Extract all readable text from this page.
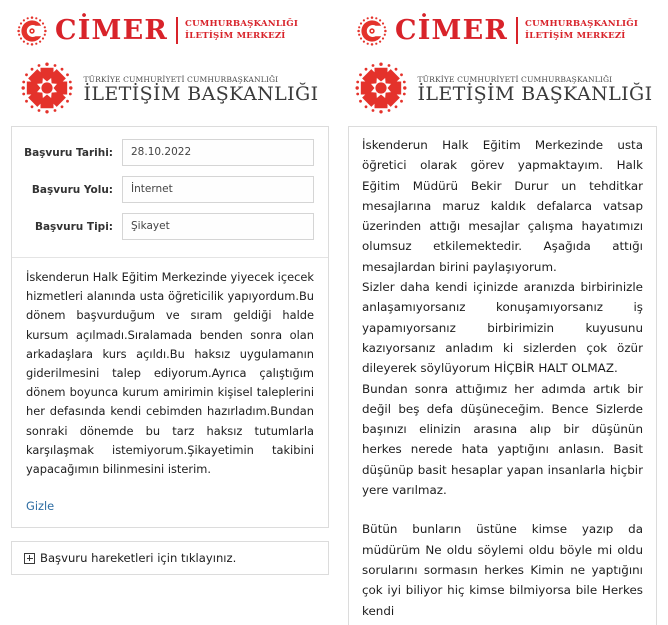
CİMER CUMHURBAŞKANLIĞI
İLETİŞİM MERKEZİ
TÜRKİYE CUMHURİYETİ CUMHURBAŞKANLIĞI
İLETİŞİM BAŞKANLIĞI
Başvuru Tarihi:	28.10.2022
Başvuru Yolu:	İnternet
Başvuru Tipi:	Şikayet
İskenderun Halk Eğitim Merkezinde yiyecek içecek hizmetleri alanında usta öğreticilik yapıyordum.Bu dönem başvurduğum ve sıram geldiği halde kursum açılmadı.Sıralamada benden sonra olan arkadaşlara kurs açıldı.Bu haksız uygulamanın giderilmesini talep ediyorum.Ayrıca çalıştığım dönem boyunca kurum amirimin kişisel taleplerini her defasında kendi cebimden hazırladım.Bundan sonraki dönemde bu tarz haksız tutumlarla karşılaşmak istemiyorum.Şikayetimin takibini yapacağımın bilinmesini isterim.
Gizle
Başvuru hareketleri için tıklayınız.
CİMER CUMHURBAŞKANLIĞI
İLETİŞİM MERKEZİ
TÜRKİYE CUMHURİYETİ CUMHURBAŞKANLIĞI
İLETİŞİM BAŞKANLIĞI

İskenderun Halk Eğitim Merkezinde usta öğretici olarak görev yapmaktayım. Halk Eğitim Müdürü Bekir Durur un tehditkar mesajlarına maruz kaldık defalarca vatsap üzerinden attığı mesajlar çalışma hayatımızı olumsuz etkilemektedir. Aşağıda attığı mesajlardan birini paylaşıyorum.

Sizler daha kendi içinizde aranızda birbirinizle anlaşamıyorsanız konuşamıyorsanız iş yapamıyorsanız birbirimizin kuyusunu kazıyorsanız anladım ki sizlerden çok özür dileyerek söylüyorum HİÇBİR HALT OLMAZ.

Bundan sonra attığımız her adımda artık bir değil beş defa düşüneceğim. Bence Sizlerde başınızı elinizin arasına alıp bir düşünün herkes nerede hata yaptığını anlasın. Basit düşünüp basit hesaplar yapan insanlarla hiçbir yere varılmaz.

Bütün bunların üstüne kimse yazıp da müdürüm Ne oldu söylemi oldu böyle mi oldu sorularını sormasın herkes Kimin ne yaptığını çok iyi biliyor hiç kimse bilmiyorsa bile Herkes kendi
